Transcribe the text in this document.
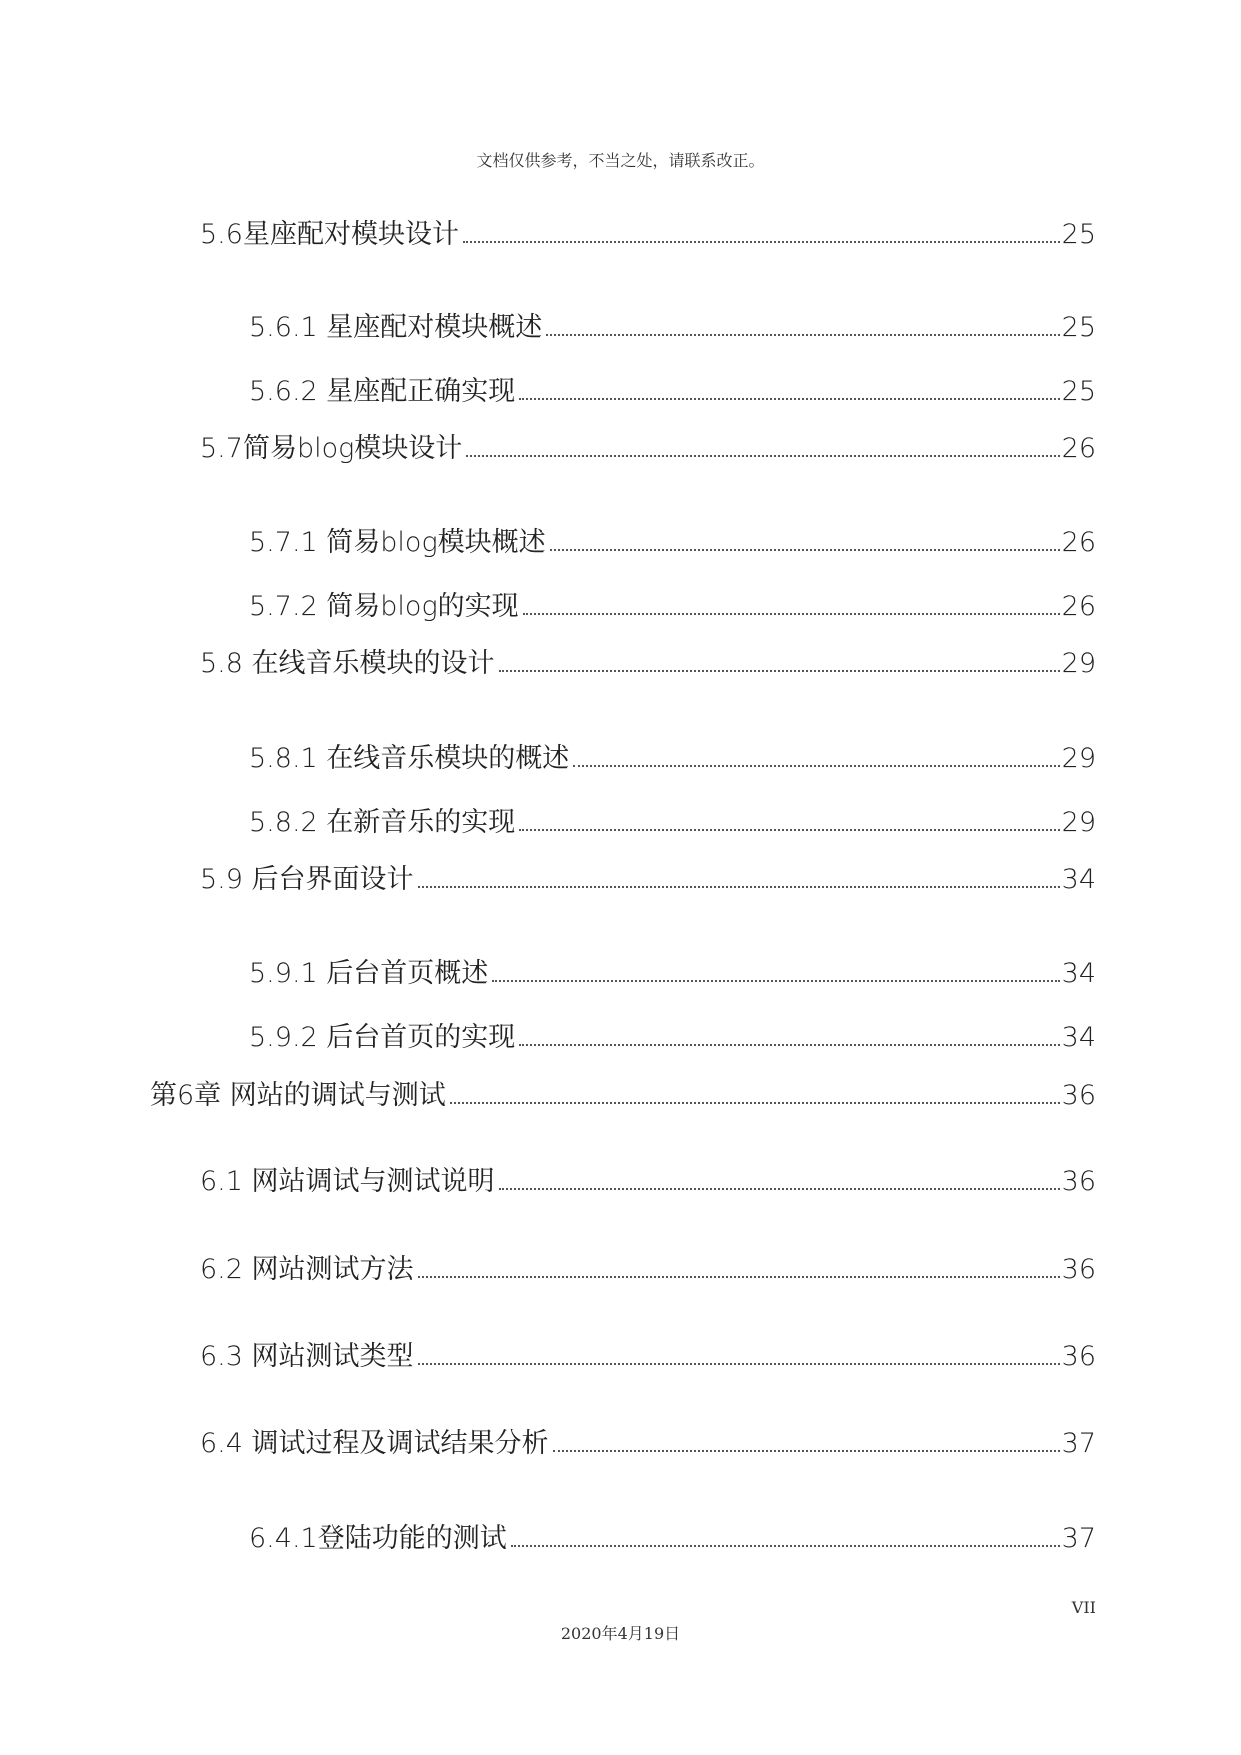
文档仅供参考，不当之处，请联系改正。
5.6星座配对模块设计	25
5.6.1 星座配对模块概述	25
5.6.2 星座配正确实现	25
5.7简易blog模块设计	26
5.7.1 简易blog模块概述	26
5.7.2 简易blog的实现	26
5.8 在线音乐模块的设计	29
5.8.1 在线音乐模块的概述	29
5.8.2 在新音乐的实现	29
5.9 后台界面设计	34
5.9.1 后台首页概述	34
5.9.2 后台首页的实现	34
第6章 网站的调试与测试	36
6.1 网站调试与测试说明	36
6.2 网站测试方法	36
6.3 网站测试类型	36
6.4 调试过程及调试结果分析	37
6.4.1登陆功能的测试	37
VII
2020年4月19日
